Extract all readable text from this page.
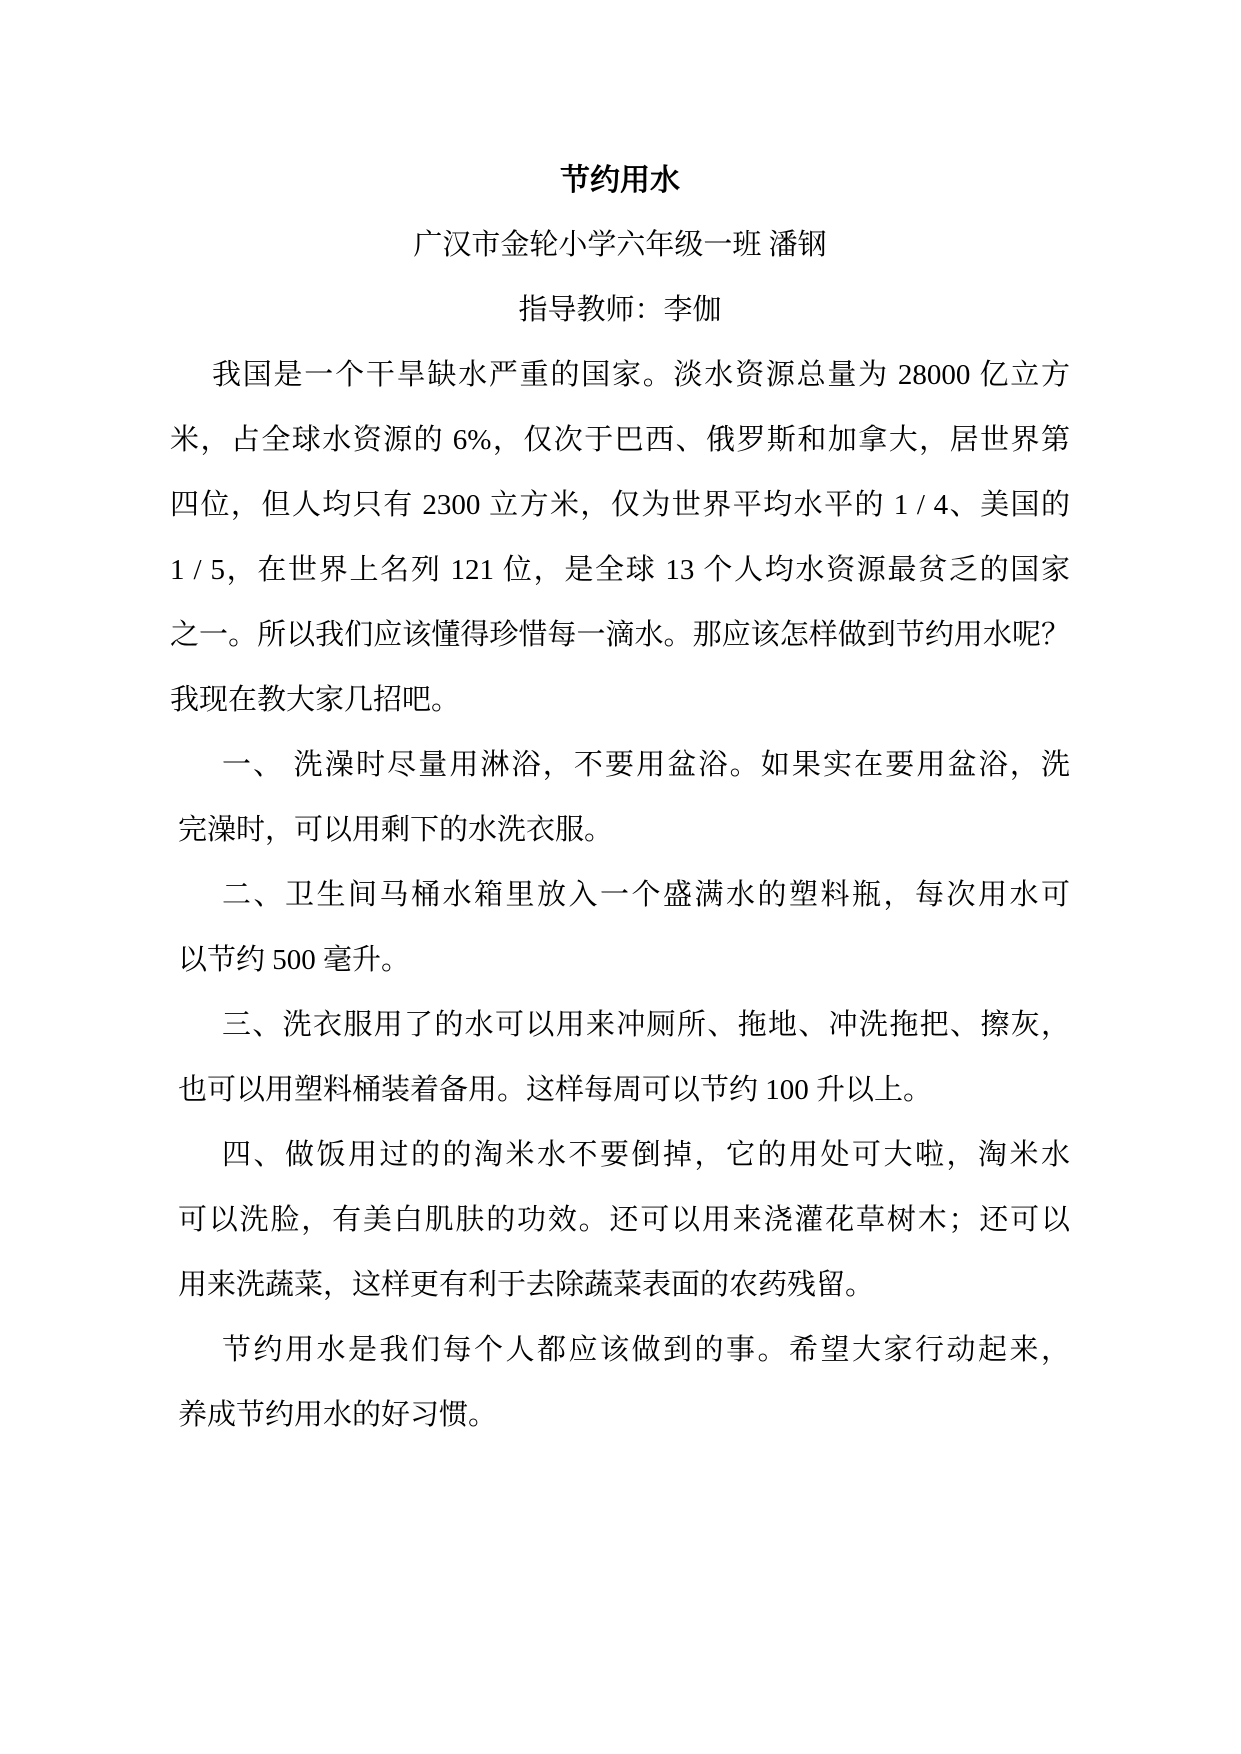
节约用水
广汉市金轮小学六年级一班 潘钢
指导教师：李伽
我国是一个干旱缺水严重的国家。淡水资源总量为 28000 亿立方
米，占全球水资源的 6%，仅次于巴西、俄罗斯和加拿大，居世界第
四位，但人均只有 2300 立方米，仅为世界平均水平的 1 / 4、美国的
1 / 5，在世界上名列 121 位，是全球 13 个人均水资源最贫乏的国家
之一。所以我们应该懂得珍惜每一滴水。那应该怎样做到节约用水呢？
我现在教大家几招吧。
一、 洗澡时尽量用淋浴，不要用盆浴。如果实在要用盆浴，洗
完澡时，可以用剩下的水洗衣服。
二、卫生间马桶水箱里放入一个盛满水的塑料瓶，每次用水可
以节约 500 毫升。
三、洗衣服用了的水可以用来冲厕所、拖地、冲洗拖把、擦灰，
也可以用塑料桶装着备用。这样每周可以节约 100 升以上。
四、做饭用过的的淘米水不要倒掉，它的用处可大啦，淘米水
可以洗脸，有美白肌肤的功效。还可以用来浇灌花草树木；还可以
用来洗蔬菜，这样更有利于去除蔬菜表面的农药残留。
节约用水是我们每个人都应该做到的事。希望大家行动起来，
养成节约用水的好习惯。
